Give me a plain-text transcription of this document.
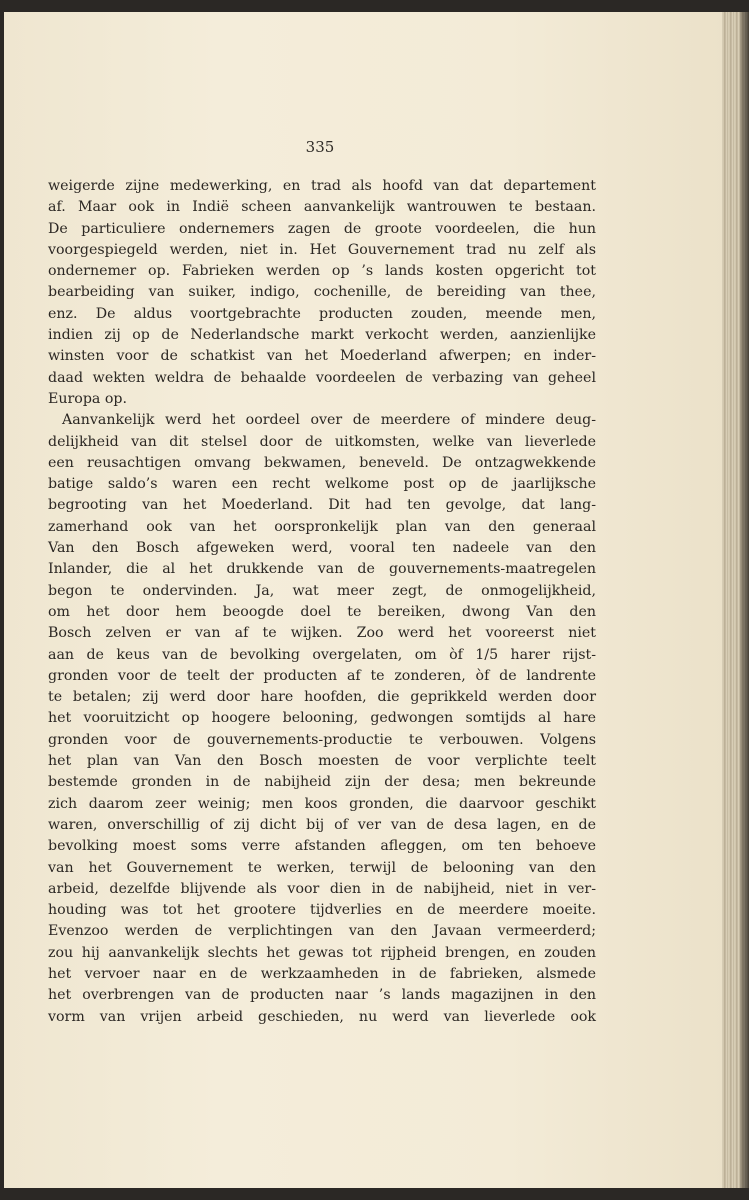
335
weigerde zijne medewerking, en trad als hoofd van dat departement
af. Maar ook in Indië scheen aanvankelijk wantrouwen te bestaan.
De particuliere ondernemers zagen de groote voordeelen, die hun
voorgespiegeld werden, niet in. Het Gouvernement trad nu zelf als
ondernemer op. Fabrieken werden op ’s lands kosten opgericht tot
bearbeiding van suiker, indigo, cochenille, de bereiding van thee,
enz. De aldus voortgebrachte producten zouden, meende men,
indien zij op de Nederlandsche markt verkocht werden, aanzienlijke
winsten voor de schatkist van het Moederland afwerpen; en inder-
daad wekten weldra de behaalde voordeelen de verbazing van geheel
Europa op.
Aanvankelijk werd het oordeel over de meerdere of mindere deug-
delijkheid van dit stelsel door de uitkomsten, welke van lieverlede
een reusachtigen omvang bekwamen, beneveld. De ontzagwekkende
batige saldo’s waren een recht welkome post op de jaarlijksche
begrooting van het Moederland. Dit had ten gevolge, dat lang-
zamerhand ook van het oorspronkelijk plan van den generaal
Van den Bosch afgeweken werd, vooral ten nadeele van den
Inlander, die al het drukkende van de gouvernements-maatregelen
begon te ondervinden. Ja, wat meer zegt, de onmogelijkheid,
om het door hem beoogde doel te bereiken, dwong Van den
Bosch zelven er van af te wijken. Zoo werd het vooreerst niet
aan de keus van de bevolking overgelaten, om òf 1/5 harer rijst-
gronden voor de teelt der producten af te zonderen, òf de landrente
te betalen; zij werd door hare hoofden, die geprikkeld werden door
het vooruitzicht op hoogere belooning, gedwongen somtijds al hare
gronden voor de gouvernements-productie te verbouwen. Volgens
het plan van Van den Bosch moesten de voor verplichte teelt
bestemde gronden in de nabijheid zijn der desa; men bekreunde
zich daarom zeer weinig; men koos gronden, die daarvoor geschikt
waren, onverschillig of zij dicht bij of ver van de desa lagen, en de
bevolking moest soms verre afstanden afleggen, om ten behoeve
van het Gouvernement te werken, terwijl de belooning van den
arbeid, dezelfde blijvende als voor dien in de nabijheid, niet in ver-
houding was tot het grootere tijdverlies en de meerdere moeite.
Evenzoo werden de verplichtingen van den Javaan vermeerderd;
zou hij aanvankelijk slechts het gewas tot rijpheid brengen, en zouden
het vervoer naar en de werkzaamheden in de fabrieken, alsmede
het overbrengen van de producten naar ’s lands magazijnen in den
vorm van vrijen arbeid geschieden, nu werd van lieverlede ook
